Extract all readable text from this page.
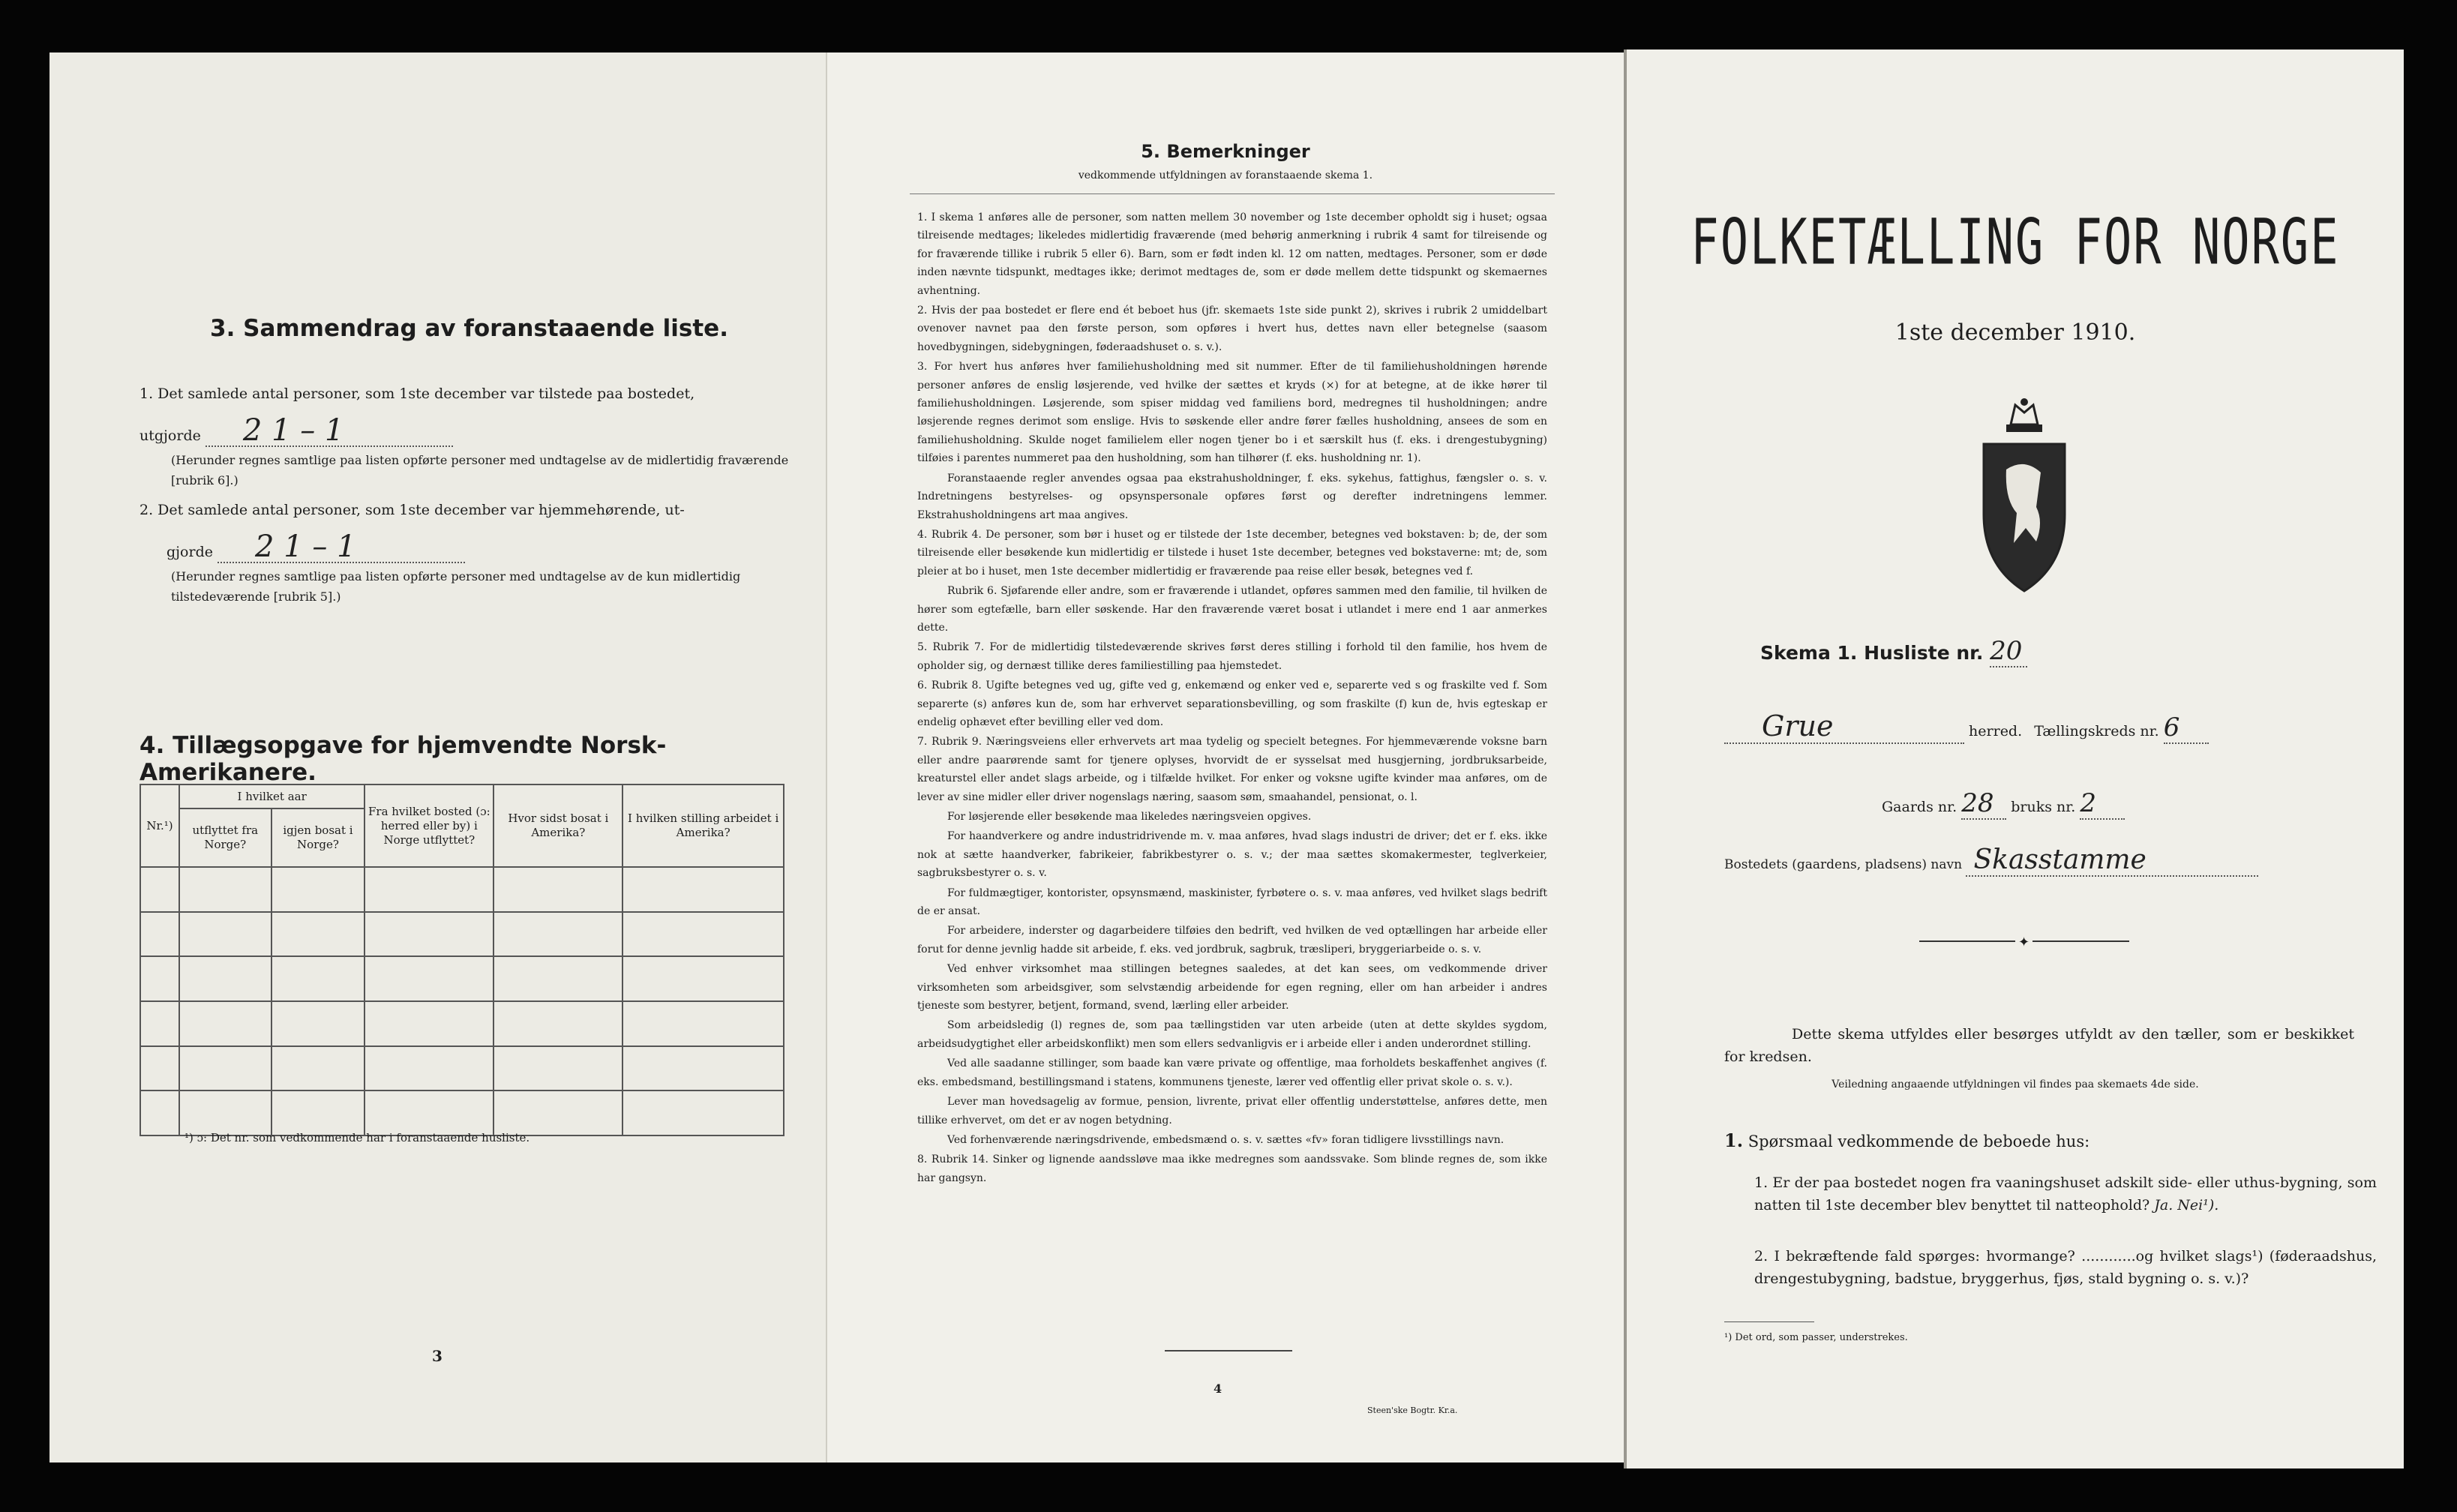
3. Sammendrag av foranstaaende liste.
1. Det samlede antal personer, som 1ste december var tilstede paa bostedet,
utgjorde 2 1 – 1
(Herunder regnes samtlige paa listen opførte personer med undtagelse av de midlertidig fraværende [rubrik 6].)
2. Det samlede antal personer, som 1ste december var hjemmehørende, ut-
gjorde 2 1 – 1
(Herunder regnes samtlige paa listen opførte personer med undtagelse av de kun midlertidig tilstedeværende [rubrik 5].)
4. Tillægsopgave for hjemvendte Norsk-Amerikanere.
Nr.¹)	I hvilket aar		Fra hvilket bosted (ɔ: herred eller by) i Norge utflyttet?	Hvor sidst bosat i Amerika?	I hvilken stilling arbeidet i Amerika?
	utflyttet fra Norge?	igjen bosat i Norge?			

¹) ɔ: Det nr. som vedkommende har i foranstaaende husliste.
3
5. Bemerkninger
vedkommende utfyldningen av foranstaaende skema 1.

1. I skema 1 anføres alle de personer, som natten mellem 30 november og 1ste december opholdt sig i huset; ogsaa tilreisende medtages; likeledes midlertidig fraværende (med behørig anmerkning i rubrik 4 samt for tilreisende og for fraværende tillike i rubrik 5 eller 6). Barn, som er født inden kl. 12 om natten, medtages. Personer, som er døde inden nævnte tidspunkt, medtages ikke; derimot medtages de, som er døde mellem dette tidspunkt og skemaernes avhentning.

2. Hvis der paa bostedet er flere end ét beboet hus (jfr. skemaets 1ste side punkt 2), skrives i rubrik 2 umiddelbart ovenover navnet paa den første person, som opføres i hvert hus, dettes navn eller betegnelse (saasom hovedbygningen, sidebygningen, føderaadshuset o. s. v.).

3. For hvert hus anføres hver familiehusholdning med sit nummer. Efter de til familiehusholdningen hørende personer anføres de enslig løsjerende, ved hvilke der sættes et kryds (×) for at betegne, at de ikke hører til familiehusholdningen. Løsjerende, som spiser middag ved familiens bord, medregnes til husholdningen; andre løsjerende regnes derimot som enslige. Hvis to søskende eller andre fører fælles husholdning, ansees de som en familiehusholdning. Skulde noget familielem eller nogen tjener bo i et særskilt hus (f. eks. i drengestubygning) tilføies i parentes nummeret paa den husholdning, som han tilhører (f. eks. husholdning nr. 1).

Foranstaaende regler anvendes ogsaa paa ekstrahusholdninger, f. eks. sykehus, fattighus, fængsler o. s. v. Indretningens bestyrelses- og opsynspersonale opføres først og derefter indretningens lemmer. Ekstrahusholdningens art maa angives.

4. Rubrik 4. De personer, som bør i huset og er tilstede der 1ste december, betegnes ved bokstaven: b; de, der som tilreisende eller besøkende kun midlertidig er tilstede i huset 1ste december, betegnes ved bokstaverne: mt; de, som pleier at bo i huset, men 1ste december midlertidig er fraværende paa reise eller besøk, betegnes ved f.

Rubrik 6. Sjøfarende eller andre, som er fraværende i utlandet, opføres sammen med den familie, til hvilken de hører som egtefælle, barn eller søskende. Har den fraværende været bosat i utlandet i mere end 1 aar anmerkes dette.

5. Rubrik 7. For de midlertidig tilstedeværende skrives først deres stilling i forhold til den familie, hos hvem de opholder sig, og dernæst tillike deres familiestilling paa hjemstedet.

6. Rubrik 8. Ugifte betegnes ved ug, gifte ved g, enkemænd og enker ved e, separerte ved s og fraskilte ved f. Som separerte (s) anføres kun de, som har erhvervet separationsbevilling, og som fraskilte (f) kun de, hvis egteskap er endelig ophævet efter bevilling eller ved dom.

7. Rubrik 9. Næringsveiens eller erhvervets art maa tydelig og specielt betegnes. For hjemmeværende voksne barn eller andre paarørende samt for tjenere oplyses, hvorvidt de er sysselsat med husgjerning, jordbruksarbeide, kreaturstel eller andet slags arbeide, og i tilfælde hvilket. For enker og voksne ugifte kvinder maa anføres, om de lever av sine midler eller driver nogenslags næring, saasom søm, smaahandel, pensionat, o. l.

For løsjerende eller besøkende maa likeledes næringsveien opgives.

For haandverkere og andre industridrivende m. v. maa anføres, hvad slags industri de driver; det er f. eks. ikke nok at sætte haandverker, fabrikeier, fabrikbestyrer o. s. v.; der maa sættes skomakermester, teglverkeier, sagbruksbestyrer o. s. v.

For fuldmægtiger, kontorister, opsynsmænd, maskinister, fyrbøtere o. s. v. maa anføres, ved hvilket slags bedrift de er ansat.

For arbeidere, inderster og dagarbeidere tilføies den bedrift, ved hvilken de ved optællingen har arbeide eller forut for denne jevnlig hadde sit arbeide, f. eks. ved jordbruk, sagbruk, træsliperi, bryggeriarbeide o. s. v.

Ved enhver virksomhet maa stillingen betegnes saaledes, at det kan sees, om vedkommende driver virksomheten som arbeidsgiver, som selvstændig arbeidende for egen regning, eller om han arbeider i andres tjeneste som bestyrer, betjent, formand, svend, lærling eller arbeider.

Som arbeidsledig (l) regnes de, som paa tællingstiden var uten arbeide (uten at dette skyldes sygdom, arbeidsudygtighet eller arbeidskonflikt) men som ellers sedvanligvis er i arbeide eller i anden underordnet stilling.

Ved alle saadanne stillinger, som baade kan være private og offentlige, maa forholdets beskaffenhet angives (f. eks. embedsmand, bestillingsmand i statens, kommunens tjeneste, lærer ved offentlig eller privat skole o. s. v.).

Lever man hovedsagelig av formue, pension, livrente, privat eller offentlig understøttelse, anføres dette, men tillike erhvervet, om det er av nogen betydning.

Ved forhenværende næringsdrivende, embedsmænd o. s. v. sættes «fv» foran tidligere livsstillings navn.

8. Rubrik 14. Sinker og lignende aandssløve maa ikke medregnes som aandssvake. Som blinde regnes de, som ikke har gangsyn.

4
Steen'ske Bogtr. Kr.a.
FOLKETÆLLING FOR NORGE
1ste december 1910.
Skema 1. Husliste nr. 20
Grue	herred. Tællingskreds nr. 6
Gaards nr. 28 bruks nr. 2
Bostedets (gaardens, pladsens) navn Skasstamme
✦
Dette skema utfyldes eller besørges utfyldt av den tæller, som er beskikket for kredsen.
Veiledning angaaende utfyldningen vil findes paa skemaets 4de side.
1. Spørsmaal vedkommende de beboede hus:
1. Er der paa bostedet nogen fra vaaningshuset adskilt side- eller uthus-bygning, som natten til 1ste december blev benyttet til natteophold? Ja. Nei¹).
2. I bekræftende fald spørges: hvormange? ............og hvilket slags¹) (føderaadshus, drengestubygning, badstue, bryggerhus, fjøs, stald bygning o. s. v.)?
¹) Det ord, som passer, understrekes.
